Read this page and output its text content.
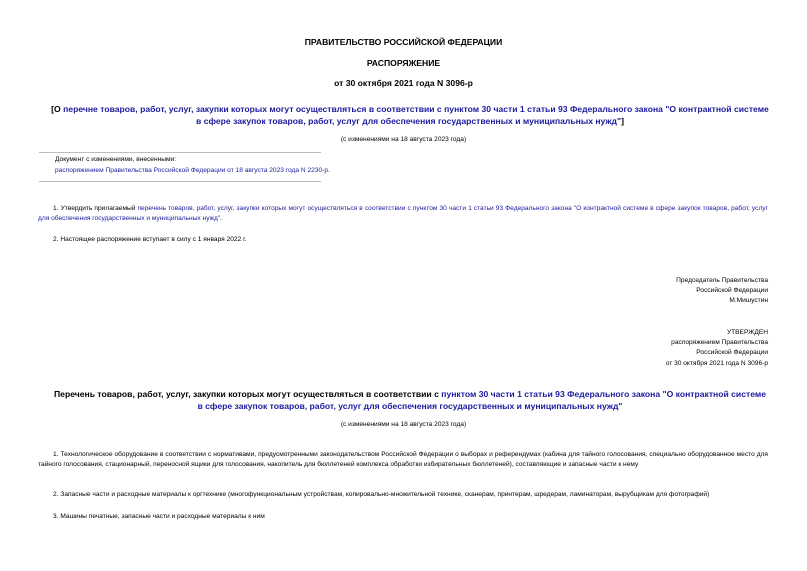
ПРАВИТЕЛЬСТВО РОССИЙСКОЙ ФЕДЕРАЦИИ
РАСПОРЯЖЕНИЕ
от 30 октября 2021 года N 3096-р
[О перечне товаров, работ, услуг, закупки которых могут осуществляться в соответствии с пунктом 30 части 1 статьи 93 Федерального закона "О контрактной системе в сфере закупок товаров, работ, услуг для обеспечения государственных и муниципальных нужд"]
(с изменениями на 18 августа 2023 года)
Документ с изменениями, внесенными:
распоряжением Правительства Российской Федерации от 18 августа 2023 года N 2230-р.
1. Утвердить прилагаемый перечень товаров, работ, услуг, закупки которых могут осуществляться в соответствии с пунктом 30 части 1 статьи 93 Федерального закона "О контрактной системе в сфере закупок товаров, работ, услуг для обеспечения государственных и муниципальных нужд".
2. Настоящее распоряжение вступает в силу с 1 января 2022 г.
Председатель Правительства
Российской Федерации
М.Мишустин
УТВЕРЖДЕН
распоряжением Правительства
Российской Федерации
от 30 октября 2021 года N 3096-р
Перечень товаров, работ, услуг, закупки которых могут осуществляться в соответствии с пунктом 30 части 1 статьи 93 Федерального закона "О контрактной системе в сфере закупок товаров, работ, услуг для обеспечения государственных и муниципальных нужд"
(с изменениями на 18 августа 2023 года)
1. Технологическое оборудование в соответствии с нормативами, предусмотренными законодательством Российской Федерации о выборах и референдумах (кабина для тайного голосования, специально оборудованное место для тайного голосования, стационарный, переносной ящики для голосования, накопитель для бюллетеней комплекса обработки избирательных бюллетеней), составляющие и запасные части к нему
2. Запасные части и расходные материалы к оргтехнике (многофункциональным устройствам, копировально-множительной технике, сканерам, принтерам, шредерам, ламинаторам, вырубщикам для фотографий)
3. Машины печатные, запасные части и расходные материалы к ним
